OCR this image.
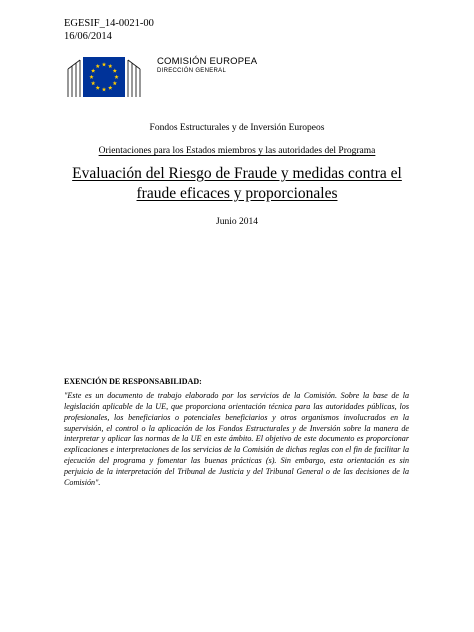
EGESIF_14-0021-00
16/06/2014
COMISIÓN EUROPEA
DIRECCIÓN GENERAL
Fondos Estructurales y de Inversión Europeos
Orientaciones para los Estados miembros y las autoridades del Programa
Evaluación del Riesgo de Fraude y medidas contra el
fraude eficaces y proporcionales
Junio 2014
EXENCIÓN DE RESPONSABILIDAD:
"Este es un documento de trabajo elaborado por los servicios de la Comisión. Sobre la base de la legislación aplicable de la UE, que proporciona orientación técnica para las autoridades públicas, los profesionales, los beneficiarios o potenciales beneficiarios y otros organismos involucrados en la supervisión, el control o la aplicación de los Fondos Estructurales y de Inversión sobre la manera de interpretar y aplicar las normas de la UE en este ámbito. El objetivo de este documento es proporcionar explicaciones e interpretaciones de los servicios de la Comisión de dichas reglas con el fin de facilitar la ejecución del programa y fomentar las buenas prácticas (s). Sin embargo, esta orientación es sin perjuicio de la interpretación del Tribunal de Justicia y del Tribunal General o de las decisiones de la Comisión".
